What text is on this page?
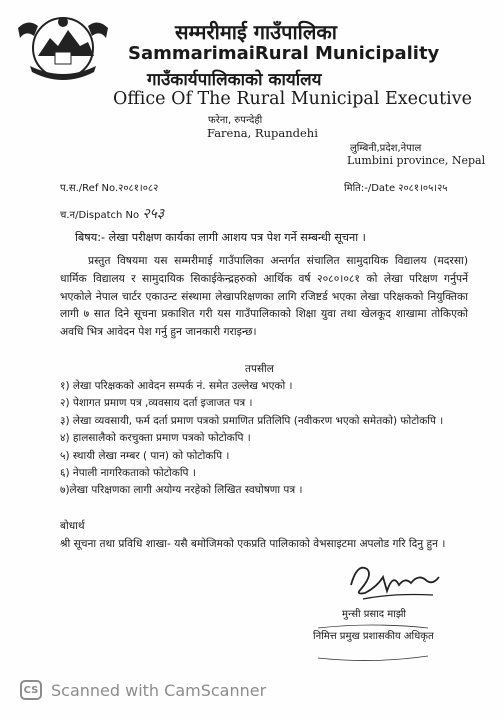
सम्मरीमाई गाउँपालिका
SammarimaiRural Municipality
गाउँकार्यपालिकाको कार्यालय
Office Of The Rural Municipal Executive
फरेना, रुपन्देही
Farena, Rupandehi
लुम्बिनी,प्रदेश,नेपाल
Lumbini province, Nepal
प.स./Ref No.२०८१।०८२	मिति:-/Date २०८१।०५।२५
च.न/Dispatch No २५३
बिषय:- लेखा परीक्षण कार्यका लागी आशय पत्र पेश गर्ने सम्बन्धी सूचना ।
प्रस्तुत विषयमा यस सम्मरीमाई गाउँपालिका अन्तर्गत संचालित सामुदायिक विद्यालय (मदरसा) धार्मिक विद्यालय र सामुदायिक सिकाईकेन्द्रहरुको आर्थिक वर्ष २०८०।०८१ को लेखा परिक्षण गर्नुपर्ने भएकोले नेपाल चार्टर एकाउन्ट संस्थामा लेखापरिक्षणका लागि रजिष्टर्ड भएका लेखा परिक्षकको नियुक्तिका लागी ७ सात दिने सूचना प्रकाशित गरी यस गाउँपालिकाको शिक्षा युवा तथा खेलकूद शाखामा तोकिएको अवधि भित्र आवेदन पेश गर्नु हुन जानकारी गराइन्छ।
तपसील
१) लेखा परिक्षकको आवेदन सम्पर्क नं. समेत उल्लेख भएको ।
२) पेशागत प्रमाण पत्र ,व्यवसाय दर्ता इजाजत पत्र ।
३) लेखा व्यवसायी, फर्म दर्ता प्रमाण पत्रको प्रमाणित प्रतिलिपि (नवीकरण भएको समेतको) फोटोकपि ।
४) हालसालैको करचुक्ता प्रमाण पत्रको फोटोकपि ।
५) स्थायी लेखा नम्बर ( पान) को फोटोकपि ।
६) नेपाली नागरिकताको फोटोकपि ।
७)लेखा परिक्षणका लागी अयोग्य नरहेको लिखित स्वघोषणा पत्र ।
बोधार्थ
श्री सूचना तथा प्रविधि शाखा- यसै बमोजिमको एकप्रति पालिकाको वेभसाइटमा अपलोड गरि दिनु हुन ।
मुन्सी प्रसाद माझी
निमित्त प्रमुख प्रशासकीय अधिकृत
CS Scanned with CamScanner
